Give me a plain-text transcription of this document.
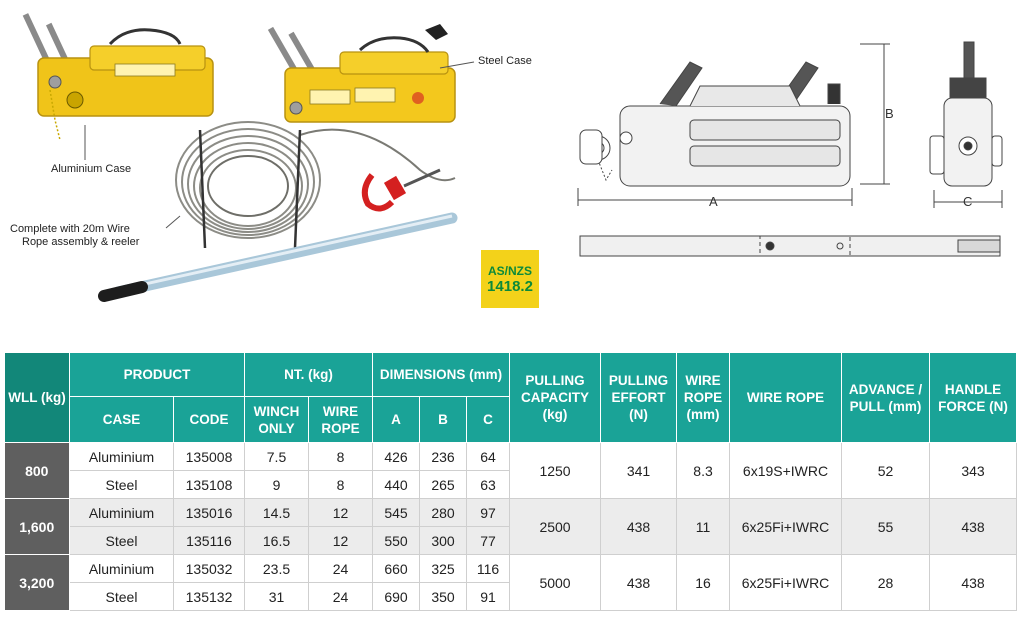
A
B
C
Steel Case
Aluminium Case
Complete with 20m Wire
Rope assembly & reeler
AS/NZS
1418.2
WLL (kg)	PRODUCT		NT. (kg)		DIMENSIONS (mm)			PULLING CAPACITY (kg)	PULLING EFFORT (N)	WIRE ROPE (mm)	WIRE ROPE	ADVANCE / PULL (mm)	HANDLE FORCE (N)
	CASE	CODE	WINCH ONLY	WIRE ROPE	A	B	C						
800	Aluminium	135008	7.5	8	426	236	64	1250	341	8.3	6x19S+IWRC	52	343
	Steel	135108	9	8	440	265	63						
1,600	Aluminium	135016	14.5	12	545	280	97	2500	438	11	6x25Fi+IWRC	55	438
	Steel	135116	16.5	12	550	300	77						
3,200	Aluminium	135032	23.5	24	660	325	116	5000	438	16	6x25Fi+IWRC	28	438
	Steel	135132	31	24	690	350	91						
